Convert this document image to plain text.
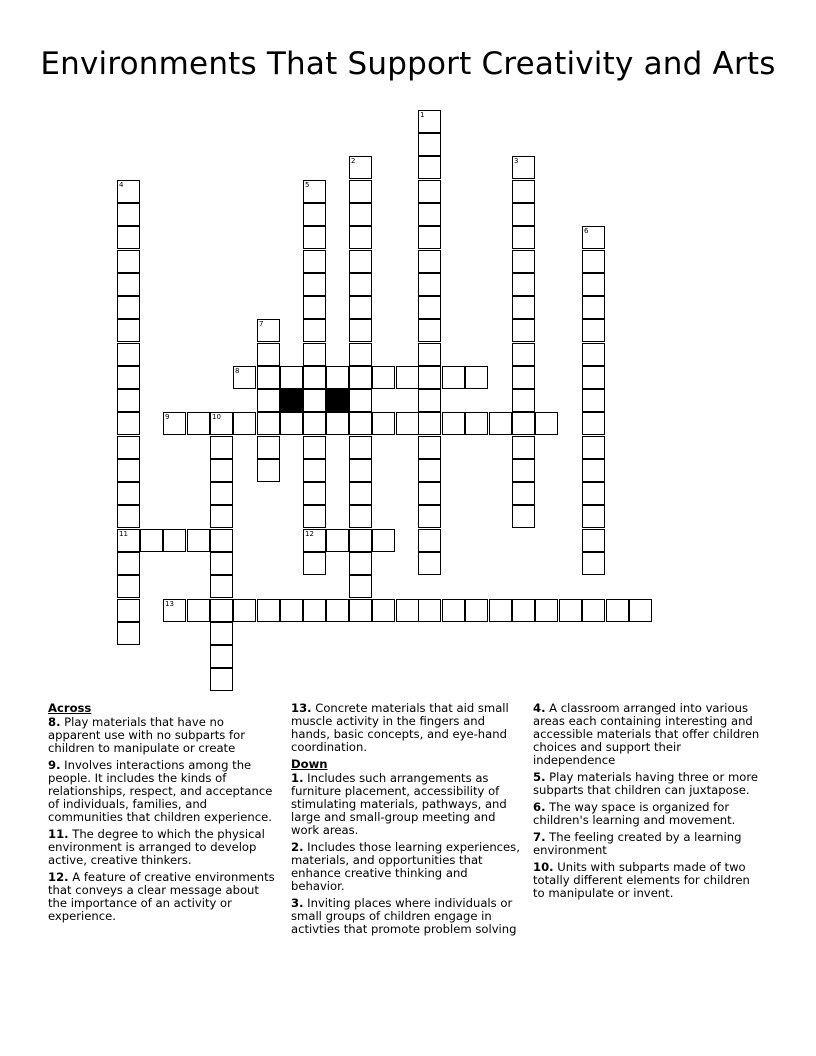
Environments That Support Creativity and Arts
1
2	3
4
11
5
12
6
7
8
9	10
13
Across
8. Play materials that have no apparent use with no subparts for children to manipulate or create
9. Involves interactions among the people. It includes the kinds of relationships, respect, and acceptance of individuals, families, and communities that children experience.
11. The degree to which the physical environment is arranged to develop active, creative thinkers.
12. A feature of creative environments that conveys a clear message about the importance of an activity or experience.
13. Concrete materials that aid small muscle activity in the fingers and hands, basic concepts, and eye-hand coordination.
Down
1. Includes such arrangements as furniture placement, accessibility of stimulating materials, pathways, and large and small-group meeting and work areas.
2. Includes those learning experiences, materials, and opportunities that enhance creative thinking and behavior.
3. Inviting places where individuals or small groups of children engage in activties that promote problem solving
4. A classroom arranged into various areas each containing interesting and accessible materials that offer children choices and support their independence
5. Play materials having three or more subparts that children can juxtapose.
6. The way space is organized for children's learning and movement.
7. The feeling created by a learning environment
10. Units with subparts made of two totally different elements for children to manipulate or invent.
